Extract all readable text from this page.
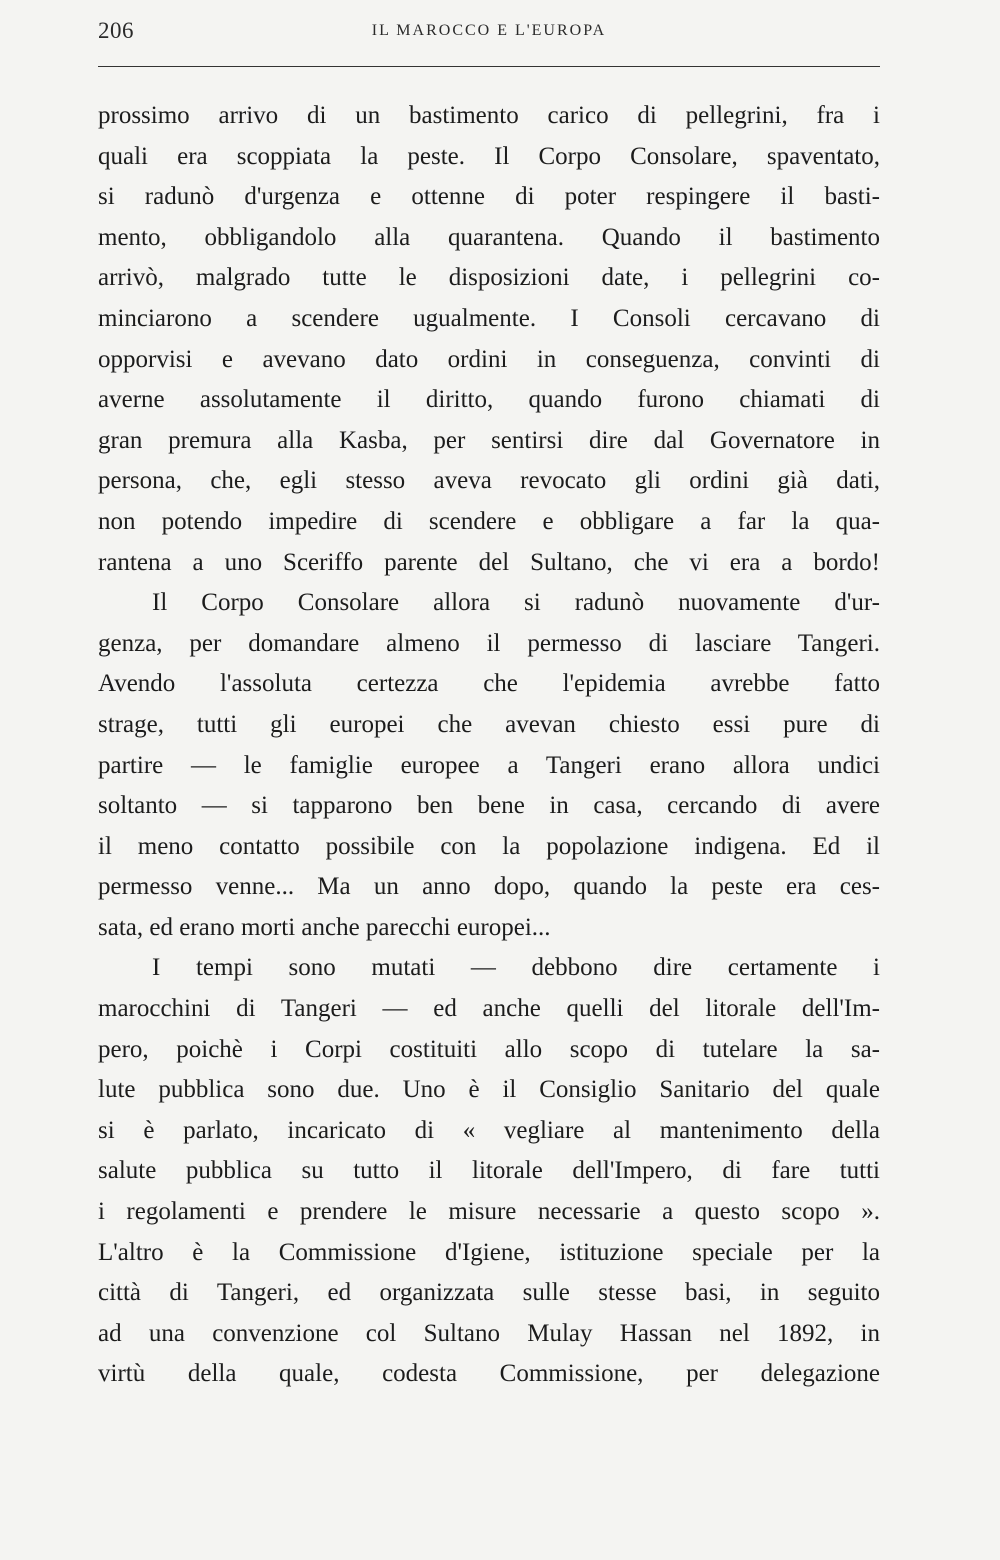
206	IL MAROCCO E L'EUROPA
prossimo arrivo di un bastimento carico di pellegrini, fra i
quali era scoppiata la peste. Il Corpo Consolare, spaventato,
si radunò d'urgenza e ottenne di poter respingere il basti-
mento, obbligandolo alla quarantena. Quando il bastimento
arrivò, malgrado tutte le disposizioni date, i pellegrini co-
minciarono a scendere ugualmente. I Consoli cercavano di
opporvisi e avevano dato ordini in conseguenza, convinti di
averne assolutamente il diritto, quando furono chiamati di
gran premura alla Kasba, per sentirsi dire dal Governatore in
persona, che, egli stesso aveva revocato gli ordini già dati,
non potendo impedire di scendere e obbligare a far la qua-
rantena a uno Sceriffo parente del Sultano, che vi era a bordo!
Il Corpo Consolare allora si radunò nuovamente d'ur-
genza, per domandare almeno il permesso di lasciare Tangeri.
Avendo l'assoluta certezza che l'epidemia avrebbe fatto
strage, tutti gli europei che avevan chiesto essi pure di
partire — le famiglie europee a Tangeri erano allora undici
soltanto — si tapparono ben bene in casa, cercando di avere
il meno contatto possibile con la popolazione indigena. Ed il
permesso venne... Ma un anno dopo, quando la peste era ces-
sata, ed erano morti anche parecchi europei...
I tempi sono mutati — debbono dire certamente i
marocchini di Tangeri — ed anche quelli del litorale dell'Im-
pero, poichè i Corpi costituiti allo scopo di tutelare la sa-
lute pubblica sono due. Uno è il Consiglio Sanitario del quale
si è parlato, incaricato di « vegliare al mantenimento della
salute pubblica su tutto il litorale dell'Impero, di fare tutti
i regolamenti e prendere le misure necessarie a questo scopo ».
L'altro è la Commissione d'Igiene, istituzione speciale per la
città di Tangeri, ed organizzata sulle stesse basi, in seguito
ad una convenzione col Sultano Mulay Hassan nel 1892, in
virtù della quale, codesta Commissione, per delegazione
